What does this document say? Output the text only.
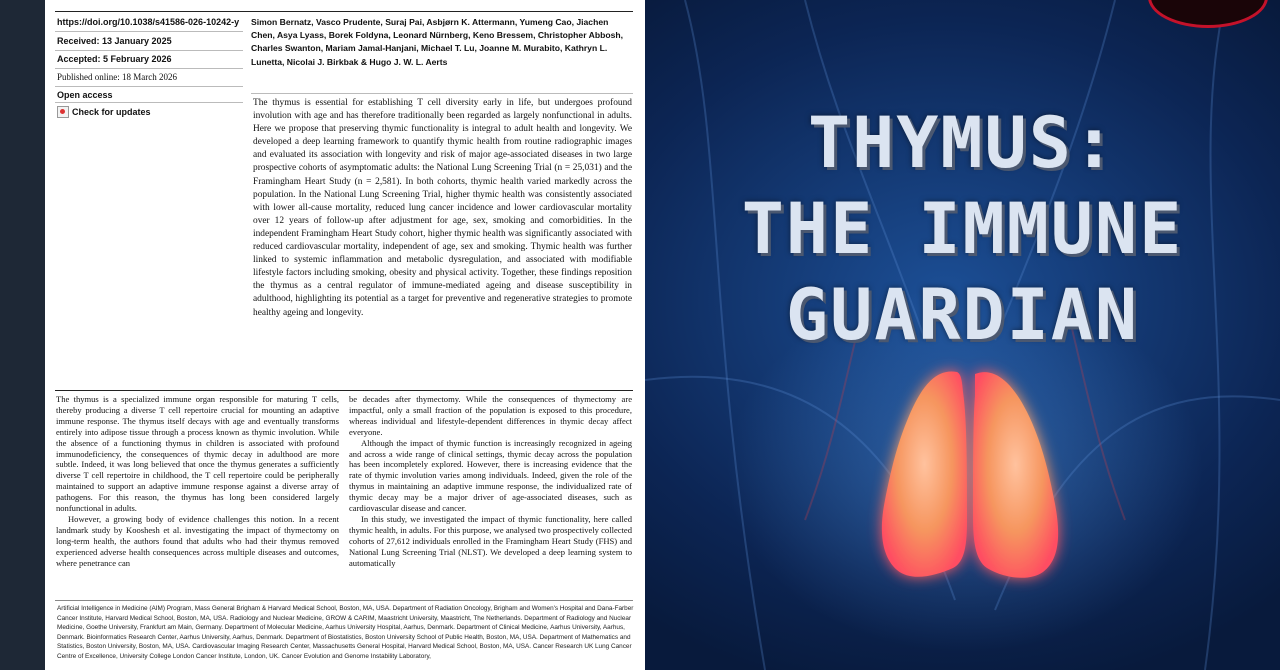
https://doi.org/10.1038/s41586-026-10242-y
Received: 13 January 2025
Accepted: 5 February 2026
Published online: 18 March 2026
Open access
Check for updates
Simon Bernatz, Vasco Prudente, Suraj Pai, Asbjørn K. Attermann, Yumeng Cao, Jiachen Chen, Asya Lyass, Borek Foldyna, Leonard Nürnberg, Keno Bressem, Christopher Abbosh, Charles Swanton, Mariam Jamal-Hanjani, Michael T. Lu, Joanne M. Murabito, Kathryn L. Lunetta, Nicolai J. Birkbak & Hugo J. W. L. Aerts
The thymus is essential for establishing T cell diversity early in life, but undergoes profound involution with age and has therefore traditionally been regarded as largely nonfunctional in adults. Here we propose that preserving thymic functionality is integral to adult health and longevity. We developed a deep learning framework to quantify thymic health from routine radiographic images and evaluated its association with longevity and risk of major age-associated diseases in two large prospective cohorts of asymptomatic adults: the National Lung Screening Trial (n = 25,031) and the Framingham Heart Study (n = 2,581). In both cohorts, thymic health varied markedly across the population. In the National Lung Screening Trial, higher thymic health was consistently associated with lower all-cause mortality, reduced lung cancer incidence and lower cardiovascular mortality over 12 years of follow-up after adjustment for age, sex, smoking and comorbidities. In the independent Framingham Heart Study cohort, higher thymic health was significantly associated with reduced cardiovascular mortality, independent of age, sex and smoking. Thymic health was further linked to systemic inflammation and metabolic dysregulation, and associated with modifiable lifestyle factors including smoking, obesity and physical activity. Together, these findings reposition the thymus as a central regulator of immune-mediated ageing and disease susceptibility in adulthood, highlighting its potential as a target for preventive and regenerative strategies to promote healthy ageing and longevity.

The thymus is a specialized immune organ responsible for maturing T cells, thereby producing a diverse T cell repertoire crucial for mounting an adaptive immune response. The thymus itself decays with age and eventually transforms entirely into adipose tissue through a process known as thymic involution. While the absence of a functioning thymus in children is associated with profound immunodeficiency, the consequences of thymic decay in adulthood are more subtle. Indeed, it was long believed that once the thymus generates a sufficiently diverse T cell repertoire in childhood, the T cell repertoire could be peripherally maintained to support an adaptive immune response against a diverse array of pathogens. For this reason, the thymus has long been considered largely nonfunctional in adults.

However, a growing body of evidence challenges this notion. In a recent landmark study by Kooshesh et al. investigating the impact of thymectomy on long-term health, the authors found that adults who had their thymus removed experienced adverse health consequences across multiple diseases and outcomes, where penetrance can

be decades after thymectomy. While the consequences of thymectomy are impactful, only a small fraction of the population is exposed to this procedure, whereas individual and lifestyle-dependent differences in thymic decay affect everyone.

Although the impact of thymic function is increasingly recognized in ageing and across a wide range of clinical settings, thymic decay across the population has been incompletely explored. However, there is increasing evidence that the rate of thymic involution varies among individuals. Indeed, given the role of the thymus in maintaining an adaptive immune response, the individualized rate of thymic decay may be a major driver of age-associated diseases, such as cardiovascular disease and cancer.

In this study, we investigated the impact of thymic functionality, here called thymic health, in adults. For this purpose, we analysed two prospectively collected cohorts of 27,612 individuals enrolled in the Framingham Heart Study (FHS) and National Lung Screening Trial (NLST). We developed a deep learning system to automatically

Artificial Intelligence in Medicine (AIM) Program, Mass General Brigham & Harvard Medical School, Boston, MA, USA. Department of Radiation Oncology, Brigham and Women's Hospital and Dana-Farber Cancer Institute, Harvard Medical School, Boston, MA, USA. Radiology and Nuclear Medicine, GROW & CARIM, Maastricht University, Maastricht, The Netherlands. Department of Radiology and Nuclear Medicine, Goethe University, Frankfurt am Main, Germany. Department of Molecular Medicine, Aarhus University Hospital, Aarhus, Denmark. Department of Clinical Medicine, Aarhus University, Aarhus, Denmark. Bioinformatics Research Center, Aarhus University, Aarhus, Denmark. Department of Biostatistics, Boston University School of Public Health, Boston, MA, USA. Department of Mathematics and Statistics, Boston University, Boston, MA, USA. Cardiovascular Imaging Research Center, Massachusetts General Hospital, Harvard Medical School, Boston, MA, USA. Cancer Research UK Lung Cancer Centre of Excellence, University College London Cancer Institute, London, UK. Cancer Evolution and Genome Instability Laboratory,
THYMUS:
THE IMMUNE
GUARDIAN
